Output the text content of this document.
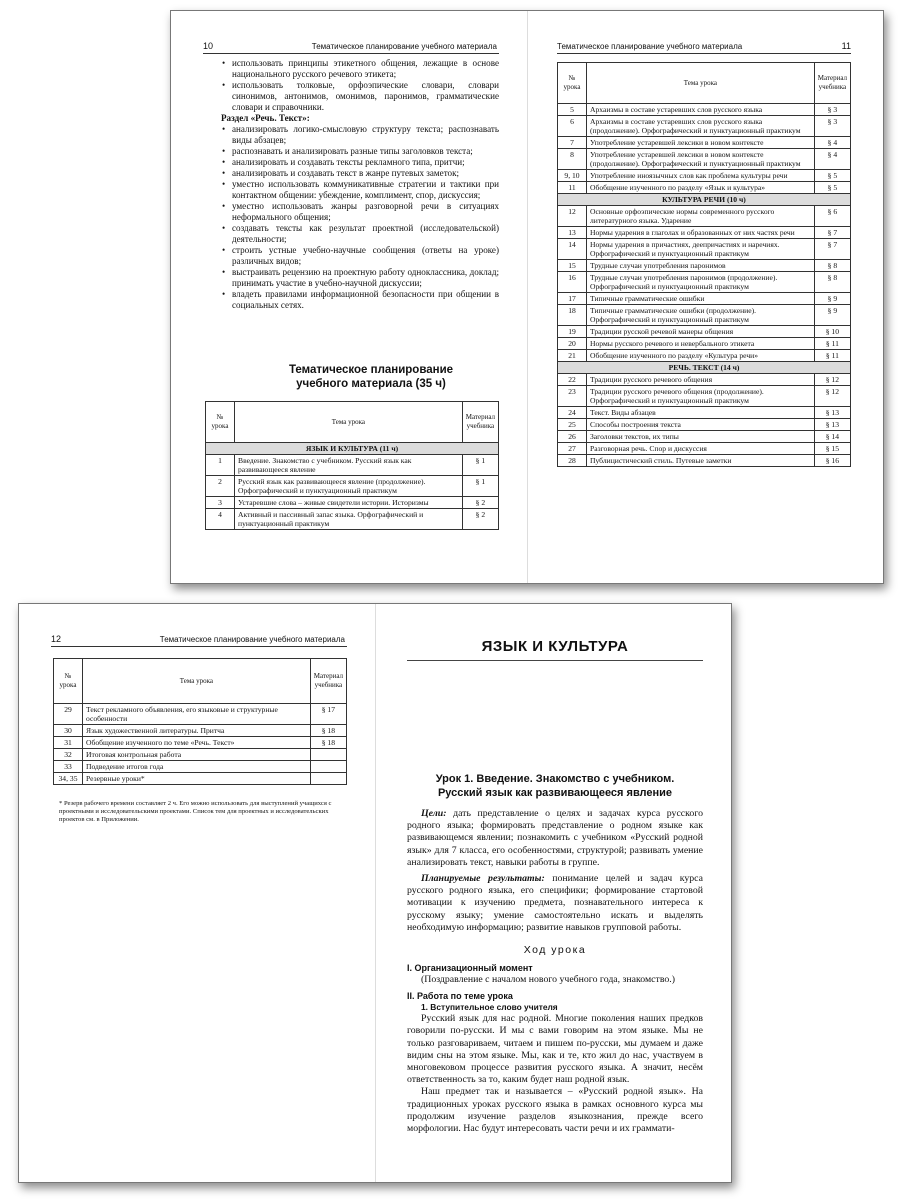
10	Тематическое планирование учебного материала
• использовать принципы этикетного общения, лежащие в основе национального русского речевого этикета;
• использовать толковые, орфоэпические словари, словари синонимов, антонимов, омонимов, паронимов, грамматические словари и справочники.
Раздел «Речь. Текст»:
• анализировать логико-смысловую структуру текста; распознавать виды абзацев;
• распознавать и анализировать разные типы заголовков текста;
• анализировать и создавать тексты рекламного типа, притчи;
• анализировать и создавать текст в жанре путевых заметок;
• уместно использовать коммуникативные стратегии и тактики при контактном общении: убеждение, комплимент, спор, дискуссия;
• уместно использовать жанры разговорной речи в ситуациях неформального общения;
• создавать тексты как результат проектной (исследовательской) деятельности;
• строить устные учебно-научные сообщения (ответы на уроке) различных видов;
• выстраивать рецензию на проектную работу одноклассника, доклад; принимать участие в учебно-научной дискуссии;
• владеть правилами информационной безопасности при общении в социальных сетях.
Тематическое планирование
учебного материала (35 ч)
№ урока	Тема урока	Материал учебника
ЯЗЫК И КУЛЬТУРА (11 ч)		
1	Введение. Знакомство с учебником. Русский язык как развивающееся явление	§ 1
2	Русский язык как развивающееся явление (продолжение). Орфографический и пунктуационный практикум	§ 1
3	Устаревшие слова – живые свидетели истории. Историзмы	§ 2
4	Активный и пассивный запас языка. Орфографический и пунктуационный практикум	§ 2
Тематическое планирование учебного материала	11
№ урока	Тема урока	Материал учебника
5	Архаизмы в составе устаревших слов русского языка	§ 3
6	Архаизмы в составе устаревших слов русского языка (продолжение). Орфографический и пунктуационный практикум	§ 3
7	Употребление устаревшей лексики в новом контексте	§ 4
8	Употребление устаревшей лексики в новом контексте (продолжение). Орфографический и пунктуационный практикум	§ 4
9, 10	Употребление иноязычных слов как проблема культуры речи	§ 5
11	Обобщение изученного по разделу «Язык и культура»	§ 5
КУЛЬТУРА РЕЧИ (10 ч)		
12	Основные орфоэпические нормы современного русского литературного языка. Ударение	§ 6
13	Нормы ударения в глаголах и образованных от них частях речи	§ 7
14	Нормы ударения в причастиях, деепричастиях и наречиях. Орфографический и пунктуационный практикум	§ 7
15	Трудные случаи употребления паронимов	§ 8
16	Трудные случаи употребления паронимов (продолжение). Орфографический и пунктуационный практикум	§ 8
17	Типичные грамматические ошибки	§ 9
18	Типичные грамматические ошибки (продолжение). Орфографический и пунктуационный практикум	§ 9
19	Традиции русской речевой манеры общения	§ 10
20	Нормы русского речевого и невербального этикета	§ 11
21	Обобщение изученного по разделу «Культура речи»	§ 11
РЕЧЬ. ТЕКСТ (14 ч)		
22	Традиции русского речевого общения	§ 12
23	Традиции русского речевого общения (продолжение). Орфографический и пунктуационный практикум	§ 12
24	Текст. Виды абзацев	§ 13
25	Способы построения текста	§ 13
26	Заголовки текстов, их типы	§ 14
27	Разговорная речь. Спор и дискуссия	§ 15
28	Публицистический стиль. Путевые заметки	§ 16
12	Тематическое планирование учебного материала
№ урока	Тема урока	Материал учебника
29	Текст рекламного объявления, его языковые и структурные особенности	§ 17
30	Язык художественной литературы. Притча	§ 18
31	Обобщение изученного по теме «Речь. Текст»	§ 18
32	Итоговая контрольная работа	
33	Подведение итогов года	
34, 35	Резервные уроки*	
* Резерв рабочего времени составляет 2 ч. Его можно использовать для выступлений учащихся с проектными и исследовательскими проектами. Список тем для проектных и исследовательских проектов см. в Приложении.
ЯЗЫК И КУЛЬТУРА
Урок 1. Введение. Знакомство с учебником.
Русский язык как развивающееся явление

Цели: дать представление о целях и задачах курса русского родного языка; формировать представление о родном языке как развивающемся явлении; познакомить с учебником «Русский родной язык» для 7 класса, его особенностями, структурой; развивать умение анализировать текст, навыки работы в группе.

Планируемые результаты: понимание целей и задач курса русского родного языка, его специфики; формирование стартовой мотивации к изучению предмета, познавательного интереса к русскому языку; умение самостоятельно искать и выделять необходимую информацию; развитие навыков групповой работы.

Ход урока
I. Организационный момент

(Поздравление с началом нового учебного года, знакомство.)

II. Работа по теме урока
1. Вступительное слово учителя

Русский язык для нас родной. Многие поколения наших предков говорили по-русски. И мы с вами говорим на этом языке. Мы не только разговариваем, читаем и пишем по-русски, мы думаем и даже видим сны на этом языке. Мы, как и те, кто жил до нас, участвуем в многовековом процессе развития русского языка. А значит, несём ответственность за то, каким будет наш родной язык.

Наш предмет так и называется – «Русский родной язык». На традиционных уроках русского языка в рамках основного курса мы продолжим изучение разделов языкознания, прежде всего морфологии. Нас будут интересовать части речи и их граммати-
